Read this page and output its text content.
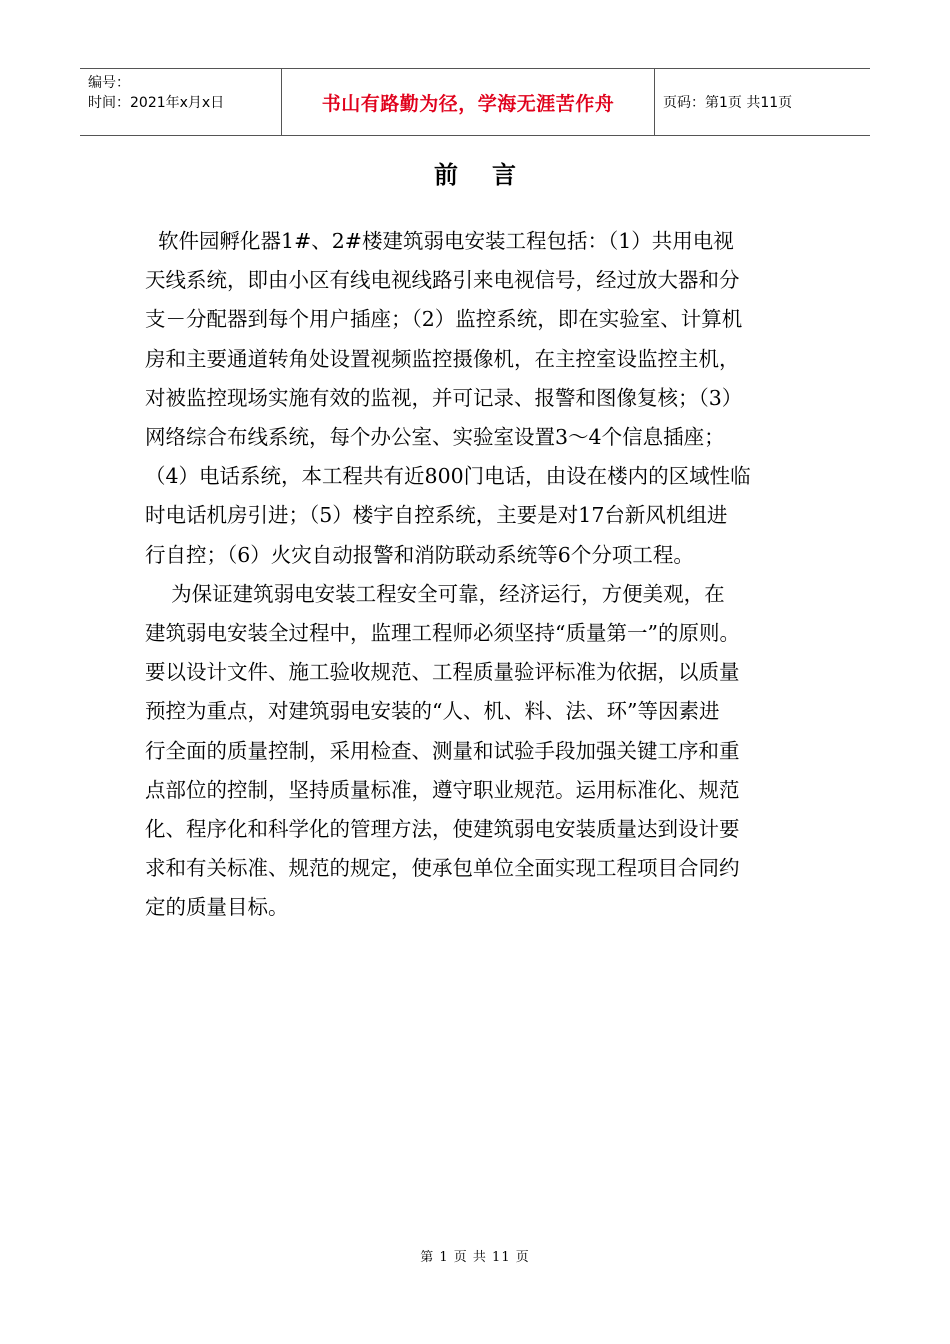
编号：
时间：2021年x月x日	书山有路勤为径，学海无涯苦作舟	页码：第1页 共11页
前言

软件园孵化器1#、2#楼建筑弱电安装工程包括：（1）共用电视
天线系统，即由小区有线电视线路引来电视信号，经过放大器和分
支－分配器到每个用户插座；（2）监控系统，即在实验室、计算机
房和主要通道转角处设置视频监控摄像机，在主控室设监控主机，
对被监控现场实施有效的监视，并可记录、报警和图像复核；（3）
网络综合布线系统，每个办公室、实验室设置3～4个信息插座；
（4）电话系统，本工程共有近800门电话，由设在楼内的区域性临
时电话机房引进；（5）楼宇自控系统，主要是对17台新风机组进
行自控；（6）火灾自动报警和消防联动系统等6个分项工程。

为保证建筑弱电安装工程安全可靠，经济运行，方便美观，在
建筑弱电安装全过程中，监理工程师必须坚持“质量第一”的原则。
要以设计文件、施工验收规范、工程质量验评标准为依据，以质量
预控为重点，对建筑弱电安装的“人、机、料、法、环”等因素进
行全面的质量控制，采用检查、测量和试验手段加强关键工序和重
点部位的控制，坚持质量标准，遵守职业规范。运用标准化、规范
化、程序化和科学化的管理方法，使建筑弱电安装质量达到设计要
求和有关标准、规范的规定，使承包单位全面实现工程项目合同约
定的质量目标。

第 1 页 共 11 页
